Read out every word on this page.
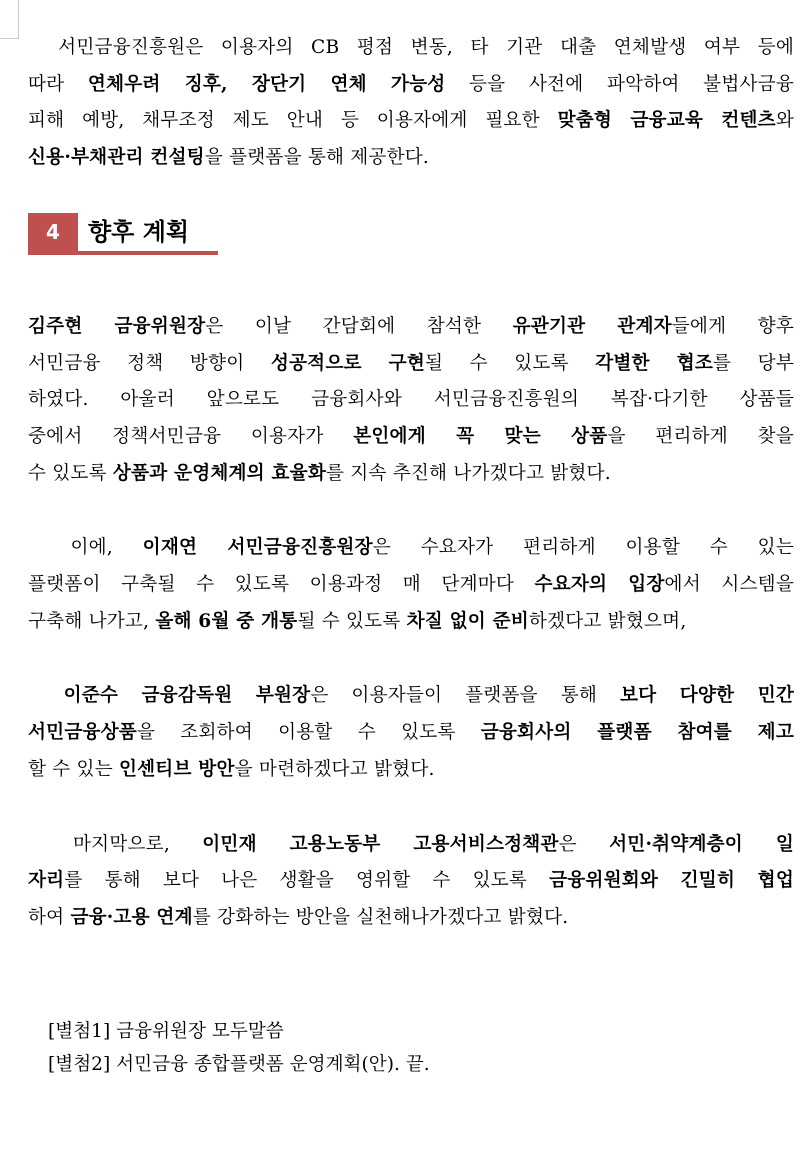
　서민금융진흥원은 이용자의 CB 평점 변동, 타 기관 대출 연체발생 여부 등에
따라 연체우려 징후, 장단기 연체 가능성 등을 사전에 파악하여 불법사금융
피해 예방, 채무조정 제도 안내 등 이용자에게 필요한 맞춤형 금융교육 컨텐츠와
신용·부채관리 컨설팅을 플랫폼을 통해 제공한다.

4	향후 계획

김주현 금융위원장은 이날 간담회에 참석한 유관기관 관계자들에게 향후
서민금융 정책 방향이 성공적으로 구현될 수 있도록 각별한 협조를 당부
하였다. 아울러 앞으로도 금융회사와 서민금융진흥원의 복잡·다기한 상품들
중에서 정책서민금융 이용자가 본인에게 꼭 맞는 상품을 편리하게 찾을
수 있도록 상품과 운영체계의 효율화를 지속 추진해 나가겠다고 밝혔다.

　이에, 이재연 서민금융진흥원장은 수요자가 편리하게 이용할 수 있는
플랫폼이 구축될 수 있도록 이용과정 매 단계마다 수요자의 입장에서 시스템을
구축해 나가고, 올해 6월 중 개통될 수 있도록 차질 없이 준비하겠다고 밝혔으며,

　이준수 금융감독원 부원장은 이용자들이 플랫폼을 통해 보다 다양한 민간
서민금융상품을 조회하여 이용할 수 있도록 금융회사의 플랫폼 참여를 제고
할 수 있는 인센티브 방안을 마련하겠다고 밝혔다.

　마지막으로, 이민재 고용노동부 고용서비스정책관은 서민·취약계층이 일
자리를 통해 보다 나은 생활을 영위할 수 있도록 금융위원회와 긴밀히 협업
하여 금융·고용 연계를 강화하는 방안을 실천해나가겠다고 밝혔다.

[별첨1] 금융위원장 모두말씀

[별첨2] 서민금융 종합플랫폼 운영계획(안). 끝.
